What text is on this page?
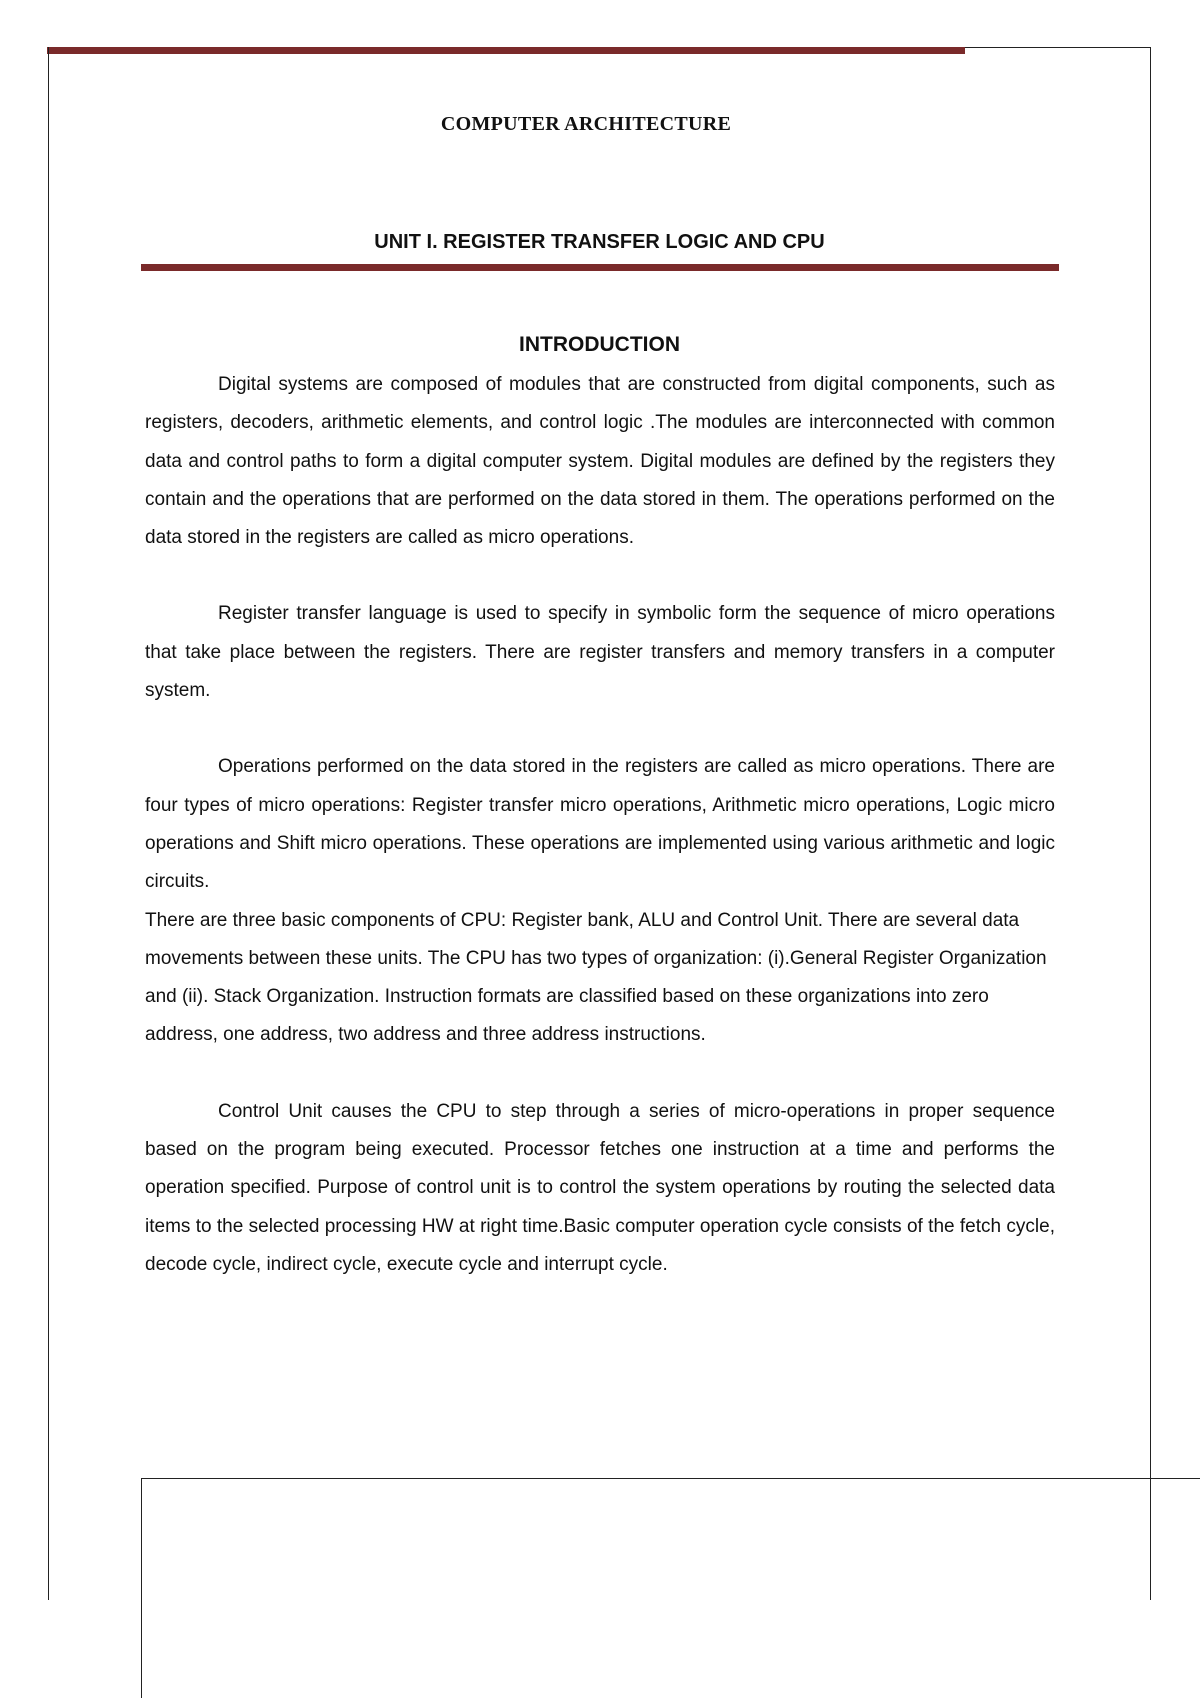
COMPUTER ARCHITECTURE
UNIT I. REGISTER TRANSFER LOGIC AND CPU
INTRODUCTION

Digital systems are composed of modules that are constructed from digital components, such as registers, decoders, arithmetic elements, and control logic .The modules are interconnected with common data and control paths to form a digital computer system. Digital modules are defined by the registers they contain and the operations that are performed on the data stored in them. The operations performed on the data stored in the registers are called as micro operations.

Register transfer language is used to specify in symbolic form the sequence of micro operations that take place between the registers. There are register transfers and memory transfers in a computer system.

Operations performed on the data stored in the registers are called as micro operations. There are four types of micro operations: Register transfer micro operations, Arithmetic micro operations, Logic micro operations and Shift micro operations. These operations are implemented using various arithmetic and logic circuits.

There are three basic components of CPU: Register bank, ALU and Control Unit. There are several data movements between these units. The CPU has two types of organization: (i).General Register Organization and (ii). Stack Organization. Instruction formats are classified based on these organizations into zero address, one address, two address and three address instructions.

Control Unit causes the CPU to step through a series of micro-operations in proper sequence based on the program being executed. Processor fetches one instruction at a time and performs the operation specified. Purpose of control unit is to control the system operations by routing the selected data items to the selected processing HW at right time.Basic computer operation cycle consists of the fetch cycle, decode cycle, indirect cycle, execute cycle and interrupt cycle.
